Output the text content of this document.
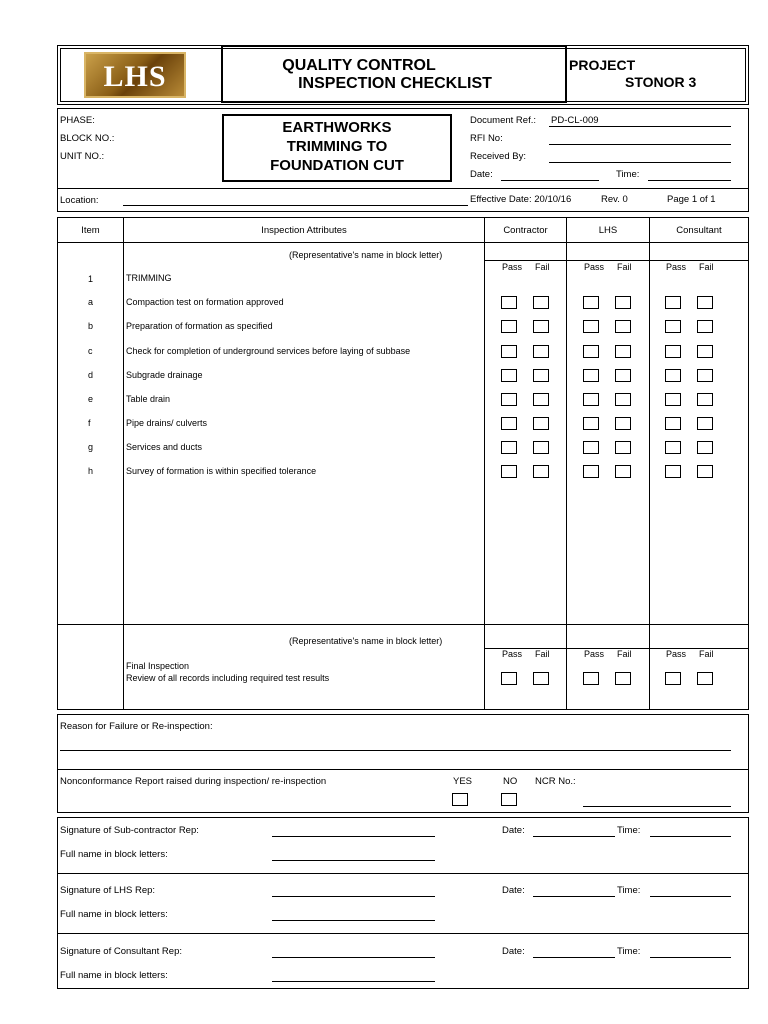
LHS	QUALITY CONTROL
INSPECTION CHECKLIST
PROJECT
STONOR 3
PHASE:
BLOCK NO.:
UNIT NO.:
EARTHWORKS
TRIMMING TO
FOUNDATION CUT
Document Ref.: PD-CL-009
RFI No:
Received By:
Date:	Time:
Location:	Effective Date: 20/10/16	Rev. 0	Page 1 of 1
Item	Inspection Attributes	Contractor	LHS	Consultant
(Representative's name in block letter)
Pass Fail	Pass Fail	Pass Fail
1	TRIMMING
a	Compaction test on formation approved
b	Preparation of formation as specified
c	Check for completion of underground services before laying of subbase
d	Subgrade drainage
e	Table drain
f	Pipe drains/ culverts
g	Services and ducts
h	Survey of formation is within specified tolerance
(Representative's name in block letter)
Pass Fail	Pass Fail	Pass Fail
Final Inspection
Review of all records including required test results
Reason for Failure or Re-inspection:
Nonconformance Report raised during inspection/ re-inspection	YES	NO NCR No.:
Signature of Sub-contractor Rep:	Date:	Time:
Full name in block letters:
Signature of LHS Rep:	Date:	Time:
Full name in block letters:
Signature of Consultant Rep:	Date:	Time:
Full name in block letters:
